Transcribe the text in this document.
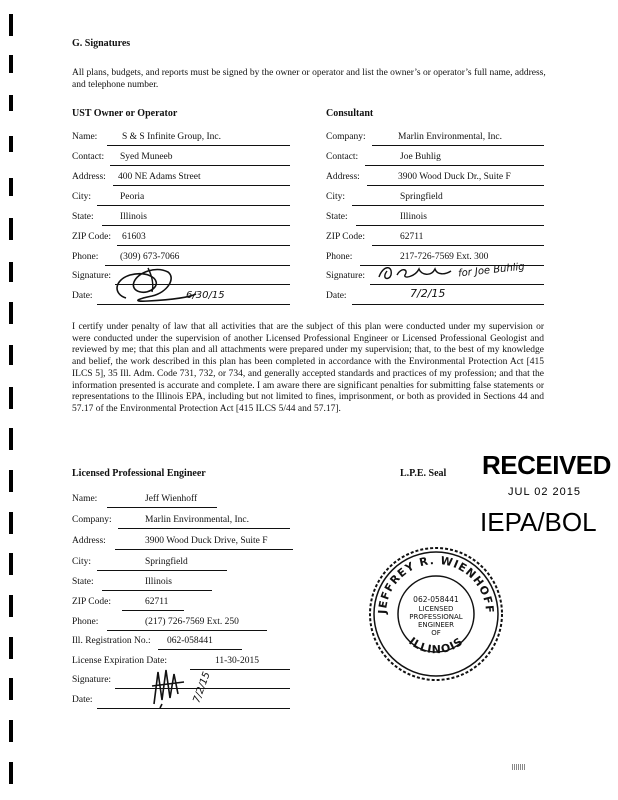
G. Signatures
All plans, budgets, and reports must be signed by the owner or operator and list the owner’s or operator’s full name, address, and telephone number.
UST Owner or Operator	Consultant
Name:	S & S Infinite Group, Inc.
Contact: Syed Muneeb
Address: 400 NE Adams Street
City:	Peoria
State:	Illinois
ZIP Code: 61603
Phone: (309) 673-7066
Signature:
Date:	6/30/15
Company:	Marlin Environmental, Inc.
Contact:	Joe Buhlig
Address:	3900 Wood Duck Dr., Suite F
City:	Springfield
State:	Illinois
ZIP Code:	62711
Phone:	217-726-7569 Ext. 300
Signature:	for Joe Buhlig
Date:	7/2/15
I certify under penalty of law that all activities that are the subject of this plan were conducted under my supervision or were conducted under the supervision of another Licensed Professional Engineer or Licensed Professional Geologist and reviewed by me; that this plan and all attachments were prepared under my supervision; that, to the best of my knowledge and belief, the work described in this plan has been completed in accordance with the Environmental Protection Act [415 ILCS 5], 35 Ill. Adm. Code 731, 732, or 734, and generally accepted standards and practices of my profession; and that the information presented is accurate and complete. I am aware there are significant penalties for submitting false statements or representations to the Illinois EPA, including but not limited to fines, imprisonment, or both as provided in Sections 44 and 57.17 of the Environmental Protection Act [415 ILCS 5/44 and 57.17].
Licensed Professional Engineer	L.P.E. Seal
Name:	Jeff Wienhoff
Company:	Marlin Environmental, Inc.
Address:	3900 Wood Duck Drive, Suite F
City:	Springfield
State:	Illinois
ZIP Code:	62711
Phone:	(217) 726-7569 Ext. 250
Ill. Registration No.: 062-058441
License Expiration Date:	11-30-2015
Signature:
Date:	7/2/15
RECEIVED
JUL 02 2015
IEPA/BOL
JEFFREY R. WIENHOFF
ILLINOIS
062-058441
LICENSED
PROFESSIONAL
ENGINEER
OF
